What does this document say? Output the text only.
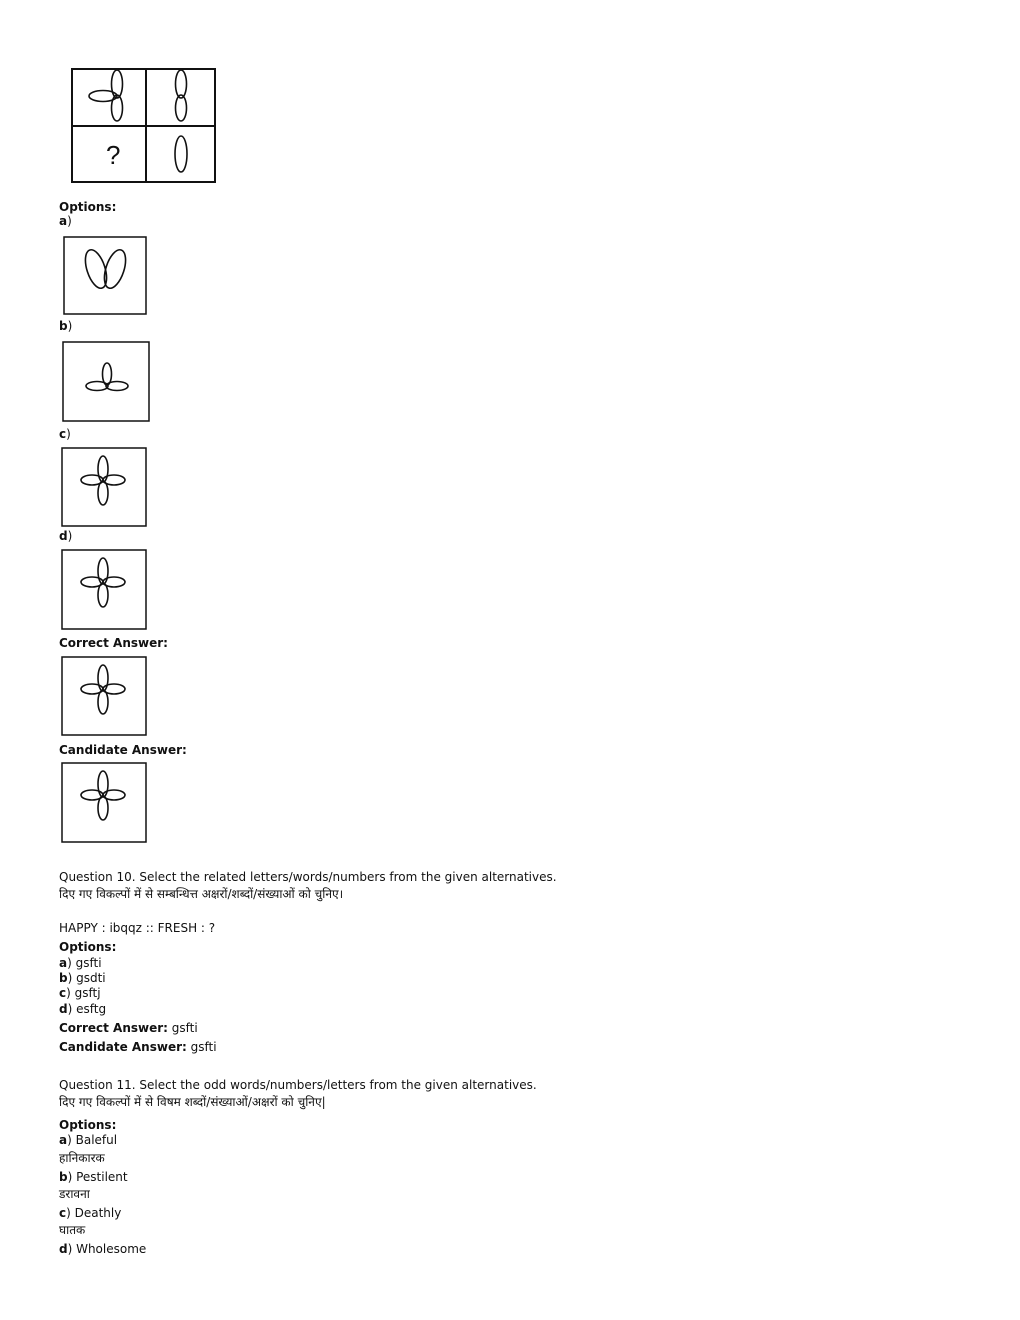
?
Options:
a)
b)
c)
d)
Correct Answer:
Candidate Answer:
Question 10. Select the related letters/words/numbers from the given alternatives.
दिए गए विकल्पों में से सम्बन्धित्त अक्षरों/शब्दों/संख्याओं को चुनिए।
HAPPY : ibqqz :: FRESH : ?
Options:
a) gsfti
b) gsdti
c) gsftj
d) esftg
Correct Answer: gsfti
Candidate Answer: gsfti
Question 11. Select the odd words/numbers/letters from the given alternatives.
दिए गए विकल्पों में से विषम शब्दों/संख्याओं/अक्षरों को चुनिए|
Options:
a) Baleful
हानिकारक
b) Pestilent
डरावना
c) Deathly
घातक
d) Wholesome
